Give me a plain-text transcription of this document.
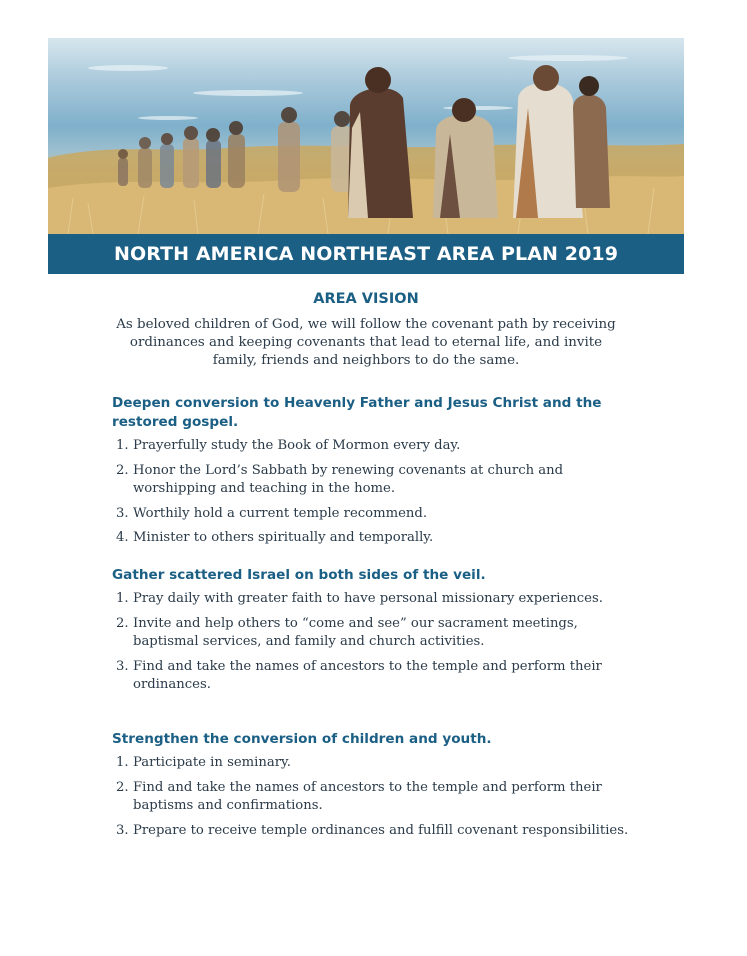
NORTH AMERICA NORTHEAST AREA PLAN 2019
AREA VISION
As beloved children of God, we will follow the covenant path by receiving ordinances and keeping covenants that lead to eternal life, and invite family, friends and neighbors to do the same.
Deepen conversion to Heavenly Father and Jesus Christ and the restored gospel.
1. Prayerfully study the Book of Mormon every day.
2. Honor the Lord’s Sabbath by renewing covenants at church and worshipping and teaching in the home.
3. Worthily hold a current temple recommend.
4. Minister to others spiritually and temporally.
Gather scattered Israel on both sides of the veil.
1. Pray daily with greater faith to have personal missionary experiences.
2. Invite and help others to “come and see” our sacrament meetings, baptismal services, and family and church activities.
3. Find and take the names of ancestors to the temple and perform their ordinances.
Strengthen the conversion of children and youth.
1. Participate in seminary.
2. Find and take the names of ancestors to the temple and perform their baptisms and confirmations.
3. Prepare to receive temple ordinances and fulfill covenant responsibilities.
